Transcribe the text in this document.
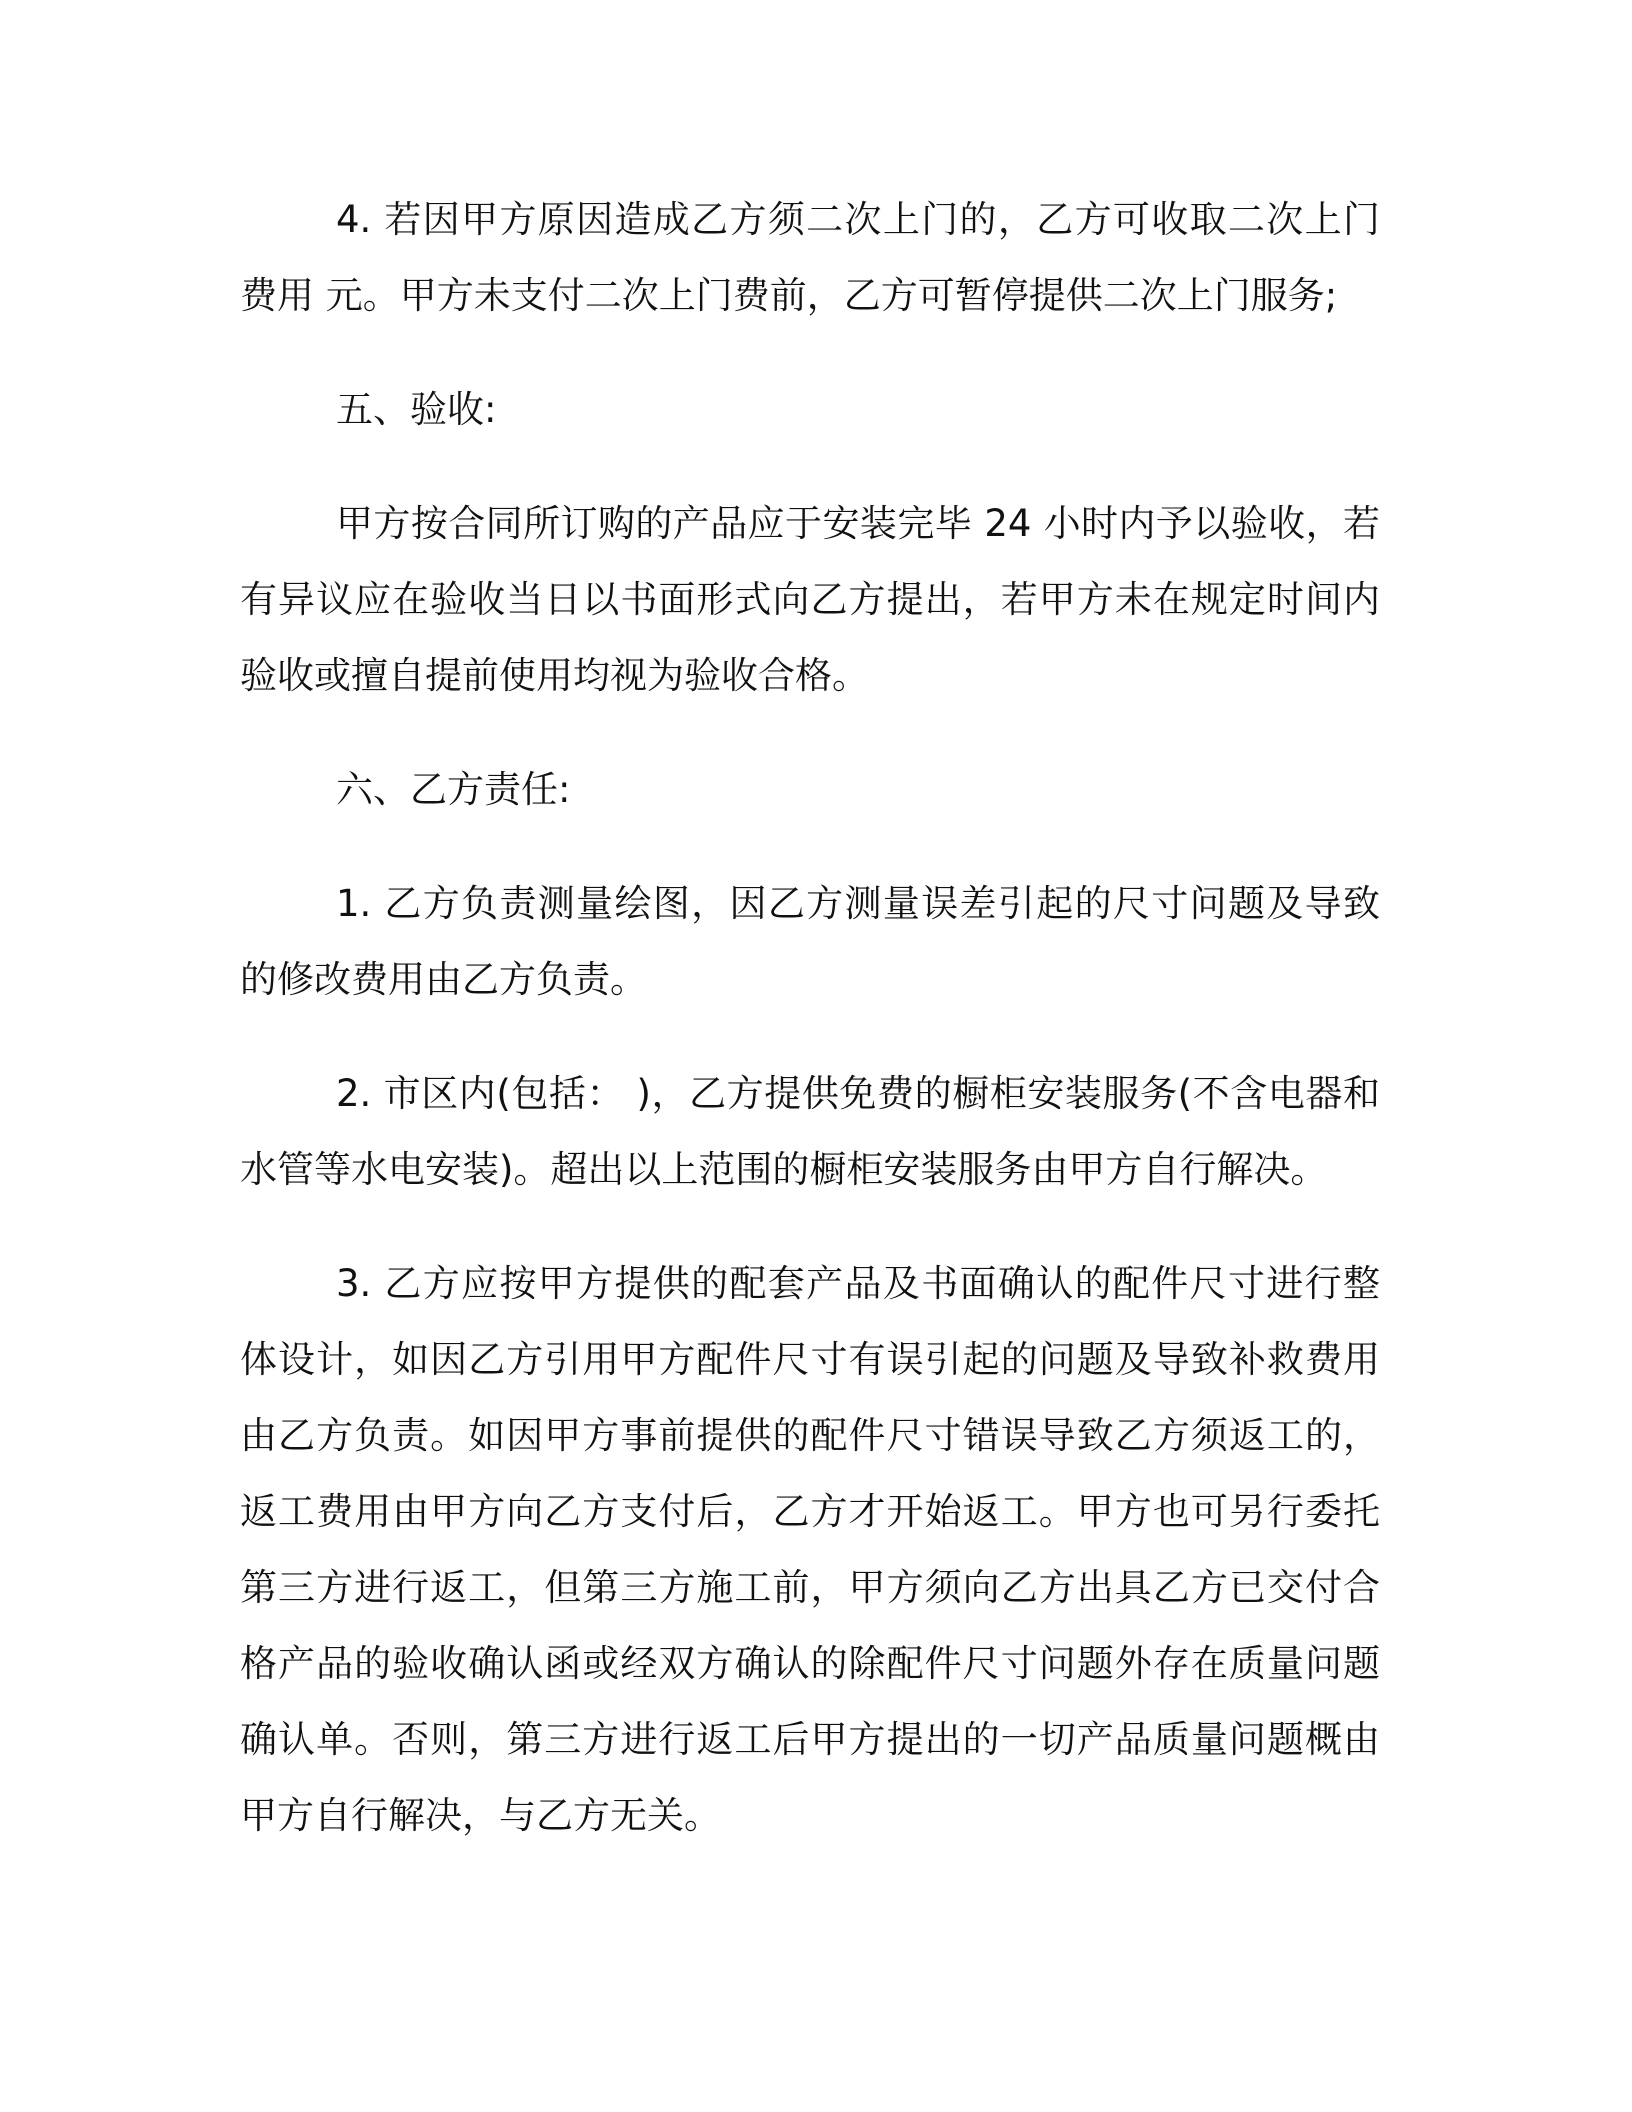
4. 若因甲方原因造成乙方须二次上门的，乙方可收取二次上门费用 元。甲方未支付二次上门费前，乙方可暂停提供二次上门服务;

五、验收:

甲方按合同所订购的产品应于安装完毕 24 小时内予以验收，若有异议应在验收当日以书面形式向乙方提出，若甲方未在规定时间内验收或擅自提前使用均视为验收合格。

六、乙方责任:

1. 乙方负责测量绘图，因乙方测量误差引起的尺寸问题及导致的修改费用由乙方负责。

2. 市区内(包括： )，乙方提供免费的橱柜安装服务(不含电器和水管等水电安装)。超出以上范围的橱柜安装服务由甲方自行解决。

3. 乙方应按甲方提供的配套产品及书面确认的配件尺寸进行整体设计，如因乙方引用甲方配件尺寸有误引起的问题及导致补救费用由乙方负责。如因甲方事前提供的配件尺寸错误导致乙方须返工的，返工费用由甲方向乙方支付后，乙方才开始返工。甲方也可另行委托第三方进行返工，但第三方施工前，甲方须向乙方出具乙方已交付合格产品的验收确认函或经双方确认的除配件尺寸问题外存在质量问题确认单。否则，第三方进行返工后甲方提出的一切产品质量问题概由甲方自行解决，与乙方无关。
